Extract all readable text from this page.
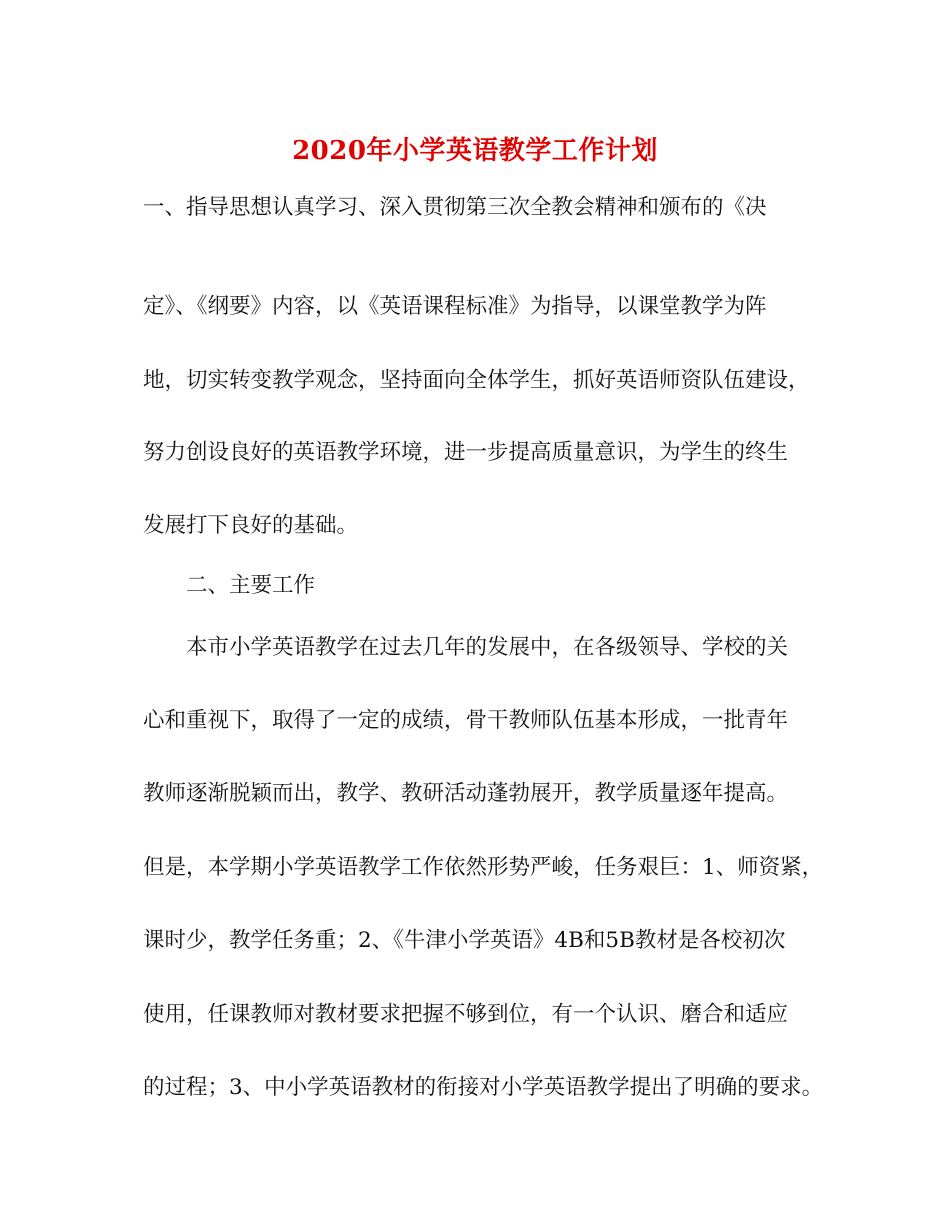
2020年小学英语教学工作计划

一、指导思想认真学习、深入贯彻第三次全教会精神和颁布的《决

定》、《纲要》内容，以《英语课程标准》为指导，以课堂教学为阵

地，切实转变教学观念，坚持面向全体学生，抓好英语师资队伍建设，

努力创设良好的英语教学环境，进一步提高质量意识，为学生的终生

发展打下良好的基础。

二、主要工作

本市小学英语教学在过去几年的发展中，在各级领导、学校的关

心和重视下，取得了一定的成绩，骨干教师队伍基本形成，一批青年

教师逐渐脱颖而出，教学、教研活动蓬勃展开，教学质量逐年提高。

但是，本学期小学英语教学工作依然形势严峻，任务艰巨：1、师资紧，

课时少，教学任务重；2、《牛津小学英语》4B和5B教材是各校初次

使用，任课教师对教材要求把握不够到位，有一个认识、磨合和适应

的过程；3、中小学英语教材的衔接对小学英语教学提出了明确的要求。
